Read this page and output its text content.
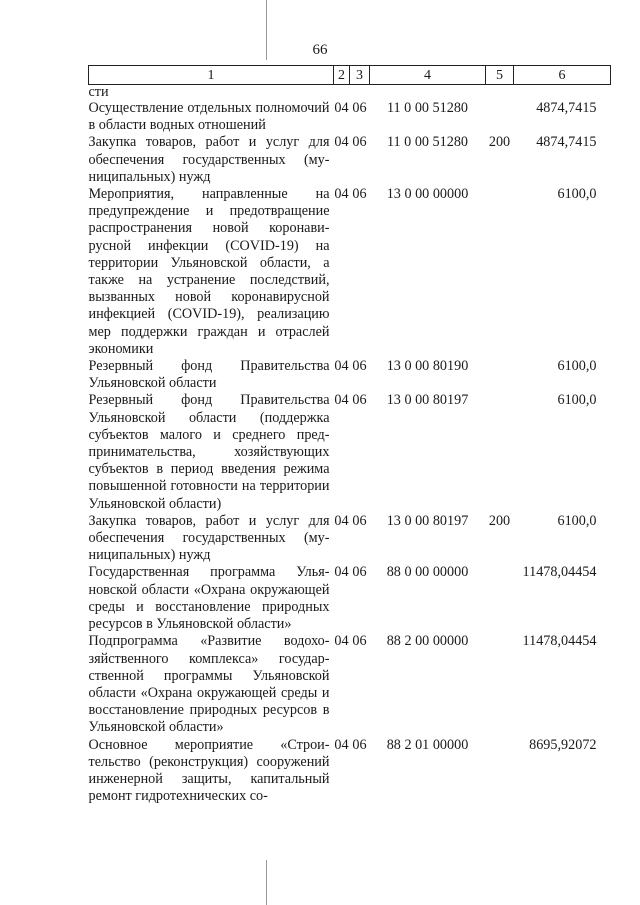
66
1	2	3	4	5	6
сти					
Осуществление отдельных полномочий в области водных отношений	04	06	11 0 00 51280		4874,7415
Закупка товаров, работ и услуг для обеспечения государственных (муниципальных) нужд	04	06	11 0 00 51280	200	4874,7415
Мероприятия, направленные на предупреждение и предотвращение распространения новой коронавирусной инфекции (COVID-19) на территории Ульяновской области, а также на устранение последствий, вызванных новой коронавирусной инфекцией (COVID-19), реализацию мер поддержки граждан и отраслей экономики	04	06	13 0 00 00000		6100,0
Резервный фонд Правительства Ульяновской области	04	06	13 0 00 80190		6100,0
Резервный фонд Правительства Ульяновской области (поддержка субъектов малого и среднего предпринимательства, хозяйствующих субъектов в период введения режима повышенной готовности на территории Ульяновской области)	04	06	13 0 00 80197		6100,0
Закупка товаров, работ и услуг для обеспечения государственных (муниципальных) нужд	04	06	13 0 00 80197	200	6100,0
Государственная программа Ульяновской области «Охрана окружающей среды и восстановление природных ресурсов в Ульяновской области»	04	06	88 0 00 00000		11478,04454
Подпрограмма «Развитие водохозяйственного комплекса» государственной программы Ульяновской области «Охрана окружающей среды и восстановление природных ресурсов в Ульяновской области»	04	06	88 2 00 00000		11478,04454
Основное мероприятие «Строительство (реконструкция) сооружений инженерной защиты, капитальный ремонт гидротехнических со-	04	06	88 2 01 00000		8695,92072
